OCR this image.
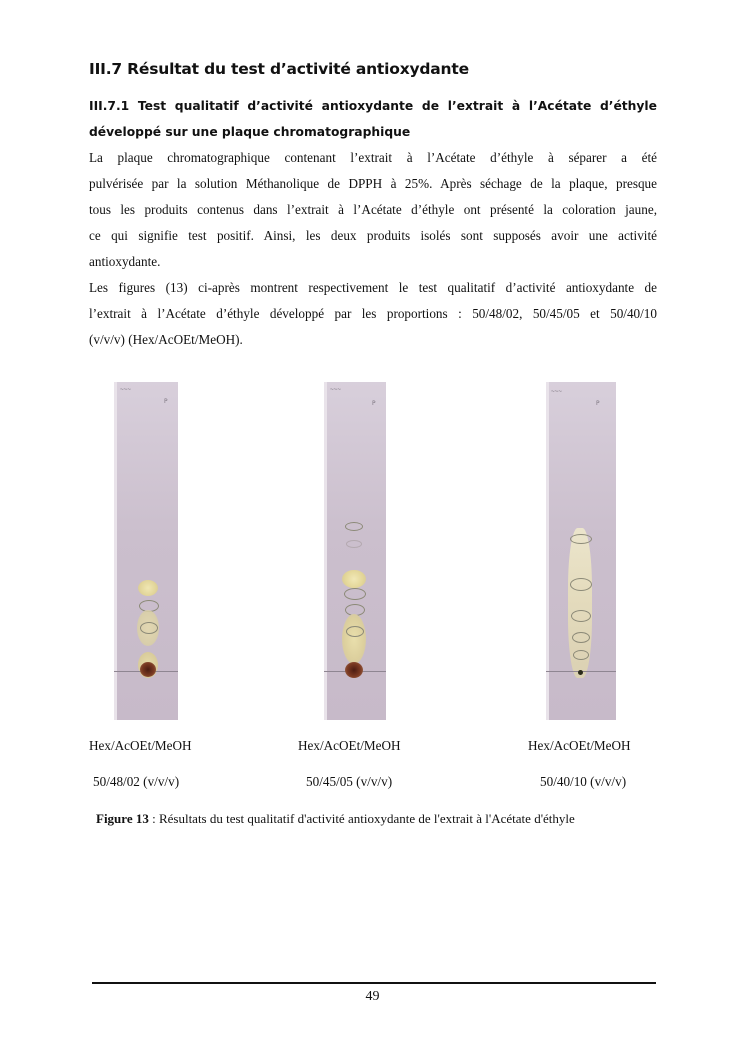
III.7 Résultat du test d’activité antioxydante
III.7.1 Test qualitatif d’activité antioxydante de l’extrait à l’Acétate d’éthyle
développé sur une plaque chromatographique
La plaque chromatographique contenant l’extrait à l’Acétate d’éthyle à séparer a été
pulvérisée par la solution Méthanolique de DPPH à 25%. Après séchage de la plaque, presque
tous les produits contenus dans l’extrait à l’Acétate d’éthyle ont présenté la coloration jaune,
ce qui signifie test positif. Ainsi, les deux produits isolés sont supposés avoir une activité
antioxydante.
Les figures (13) ci-après montrent respectivement le test qualitatif d’activité antioxydante de
l’extrait à l’Acétate d’éthyle développé par les proportions : 50/48/02, 50/45/05 et 50/40/10
(v/v/v) (Hex/AcOEt/MeOH).
~~~
P
~~~
P
~~~
P
Hex/AcOEt/MeOH	Hex/AcOEt/MeOH	Hex/AcOEt/MeOH
50/48/02 (v/v/v)	50/45/05 (v/v/v)	50/40/10 (v/v/v)
Figure 13 : Résultats du test qualitatif d'activité antioxydante de l'extrait à l'Acétate d'éthyle
49
